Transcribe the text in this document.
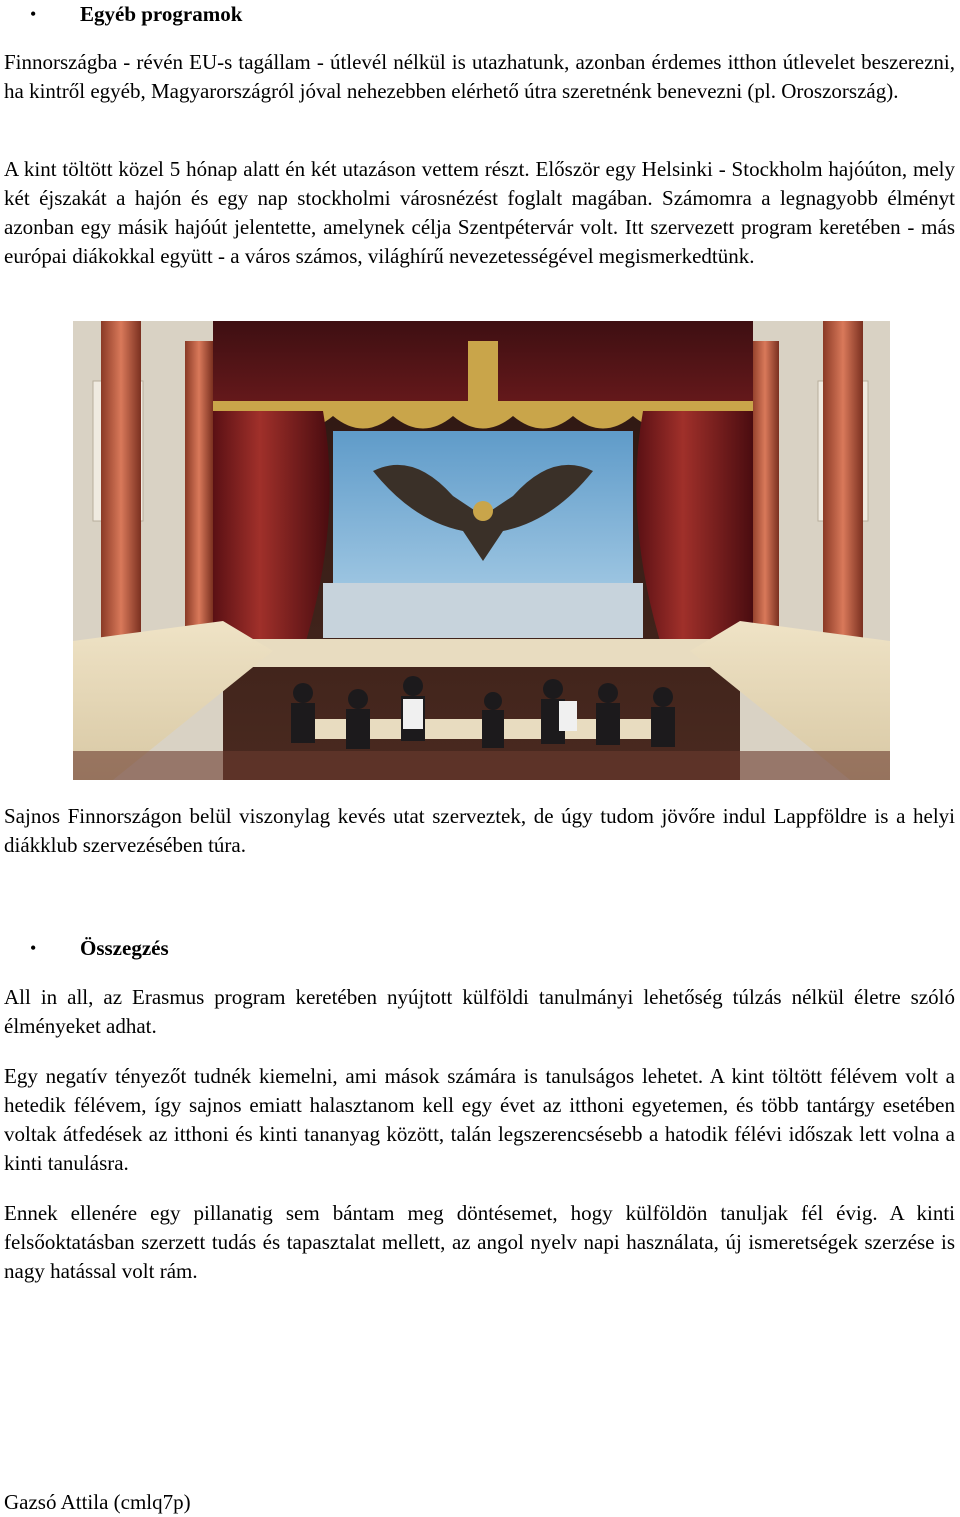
• Egyéb programok

Finnországba - révén EU-s tagállam - útlevél nélkül is utazhatunk, azonban érdemes itthon útlevelet beszerezni, ha kintről egyéb, Magyarországról jóval nehezebben elérhető útra szeretnénk benevezni (pl. Oroszország).

A kint töltött közel 5 hónap alatt én két utazáson vettem részt. Először egy Helsinki - Stockholm hajóúton, mely két éjszakát a hajón és egy nap stockholmi városnézést foglalt magában. Számomra a legnagyobb élményt azonban egy másik hajóút jelentette, amelynek célja Szentpétervár volt. Itt szervezett program keretében - más európai diákokkal együtt - a város számos, világhírű nevezetességével megismerkedtünk.

Sajnos Finnországon belül viszonylag kevés utat szerveztek, de úgy tudom jövőre indul Lappföldre is a helyi diákklub szervezésében túra.

• Összegzés

All in all, az Erasmus program keretében nyújtott külföldi tanulmányi lehetőség túlzás nélkül életre szóló élményeket adhat.

Egy negatív tényezőt tudnék kiemelni, ami mások számára is tanulságos lehetet. A kint töltött félévem volt a hetedik félévem, így sajnos emiatt halasztanom kell egy évet az itthoni egyetemen, és több tantárgy esetében voltak átfedések az itthoni és kinti tananyag között, talán legszerencsésebb a hatodik félévi időszak lett volna a kinti tanulásra.

Ennek ellenére egy pillanatig sem bántam meg döntésemet, hogy külföldön tanuljak fél évig. A kinti felsőoktatásban szerzett tudás és tapasztalat mellett, az angol nyelv napi használata, új ismeretségek szerzése is nagy hatással volt rám.

Gazsó Attila (cmlq7p)
